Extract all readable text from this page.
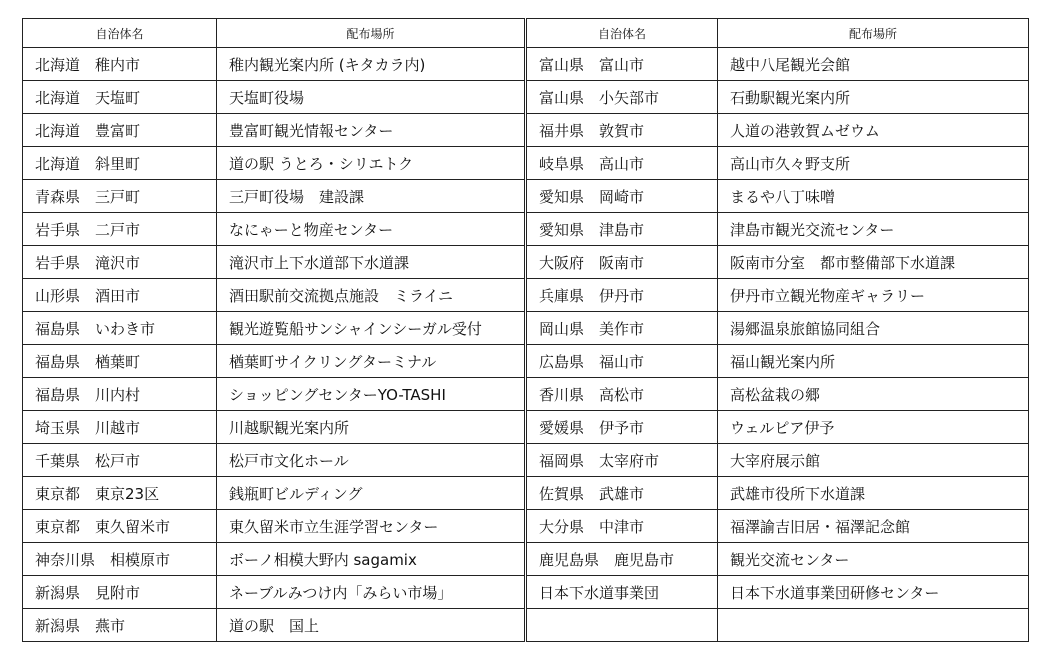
自治体名	配布場所	自治体名	配布場所
北海道　稚内市	稚内観光案内所 (キタカラ内)	富山県　富山市	越中八尾観光会館
北海道　天塩町	天塩町役場	富山県　小矢部市	石動駅観光案内所
北海道　豊富町	豊富町観光情報センター	福井県　敦賀市	人道の港敦賀ムゼウム
北海道　斜里町	道の駅 うとろ・シリエトク	岐阜県　高山市	高山市久々野支所
青森県　三戸町	三戸町役場　建設課	愛知県　岡崎市	まるや八丁味噌
岩手県　二戸市	なにゃーと物産センター	愛知県　津島市	津島市観光交流センター
岩手県　滝沢市	滝沢市上下水道部下水道課	大阪府　阪南市	阪南市分室　都市整備部下水道課
山形県　酒田市	酒田駅前交流拠点施設　ミライニ	兵庫県　伊丹市	伊丹市立観光物産ギャラリー
福島県　いわき市	観光遊覧船サンシャインシーガル受付	岡山県　美作市	湯郷温泉旅館協同組合
福島県　楢葉町	楢葉町サイクリングターミナル	広島県　福山市	福山観光案内所
福島県　川内村	ショッピングセンターYO-TASHI	香川県　高松市	高松盆栽の郷
埼玉県　川越市	川越駅観光案内所	愛媛県　伊予市	ウェルピア伊予
千葉県　松戸市	松戸市文化ホール	福岡県　太宰府市	大宰府展示館
東京都　東京23区	銭瓶町ビルディング	佐賀県　武雄市	武雄市役所下水道課
東京都　東久留米市	東久留米市立生涯学習センター	大分県　中津市	福澤諭吉旧居・福澤記念館
神奈川県　相模原市	ボーノ相模大野内 sagamix	鹿児島県　鹿児島市	観光交流センター
新潟県　見附市	ネーブルみつけ内「みらい市場」	日本下水道事業団	日本下水道事業団研修センター
新潟県　燕市	道の駅　国上		
